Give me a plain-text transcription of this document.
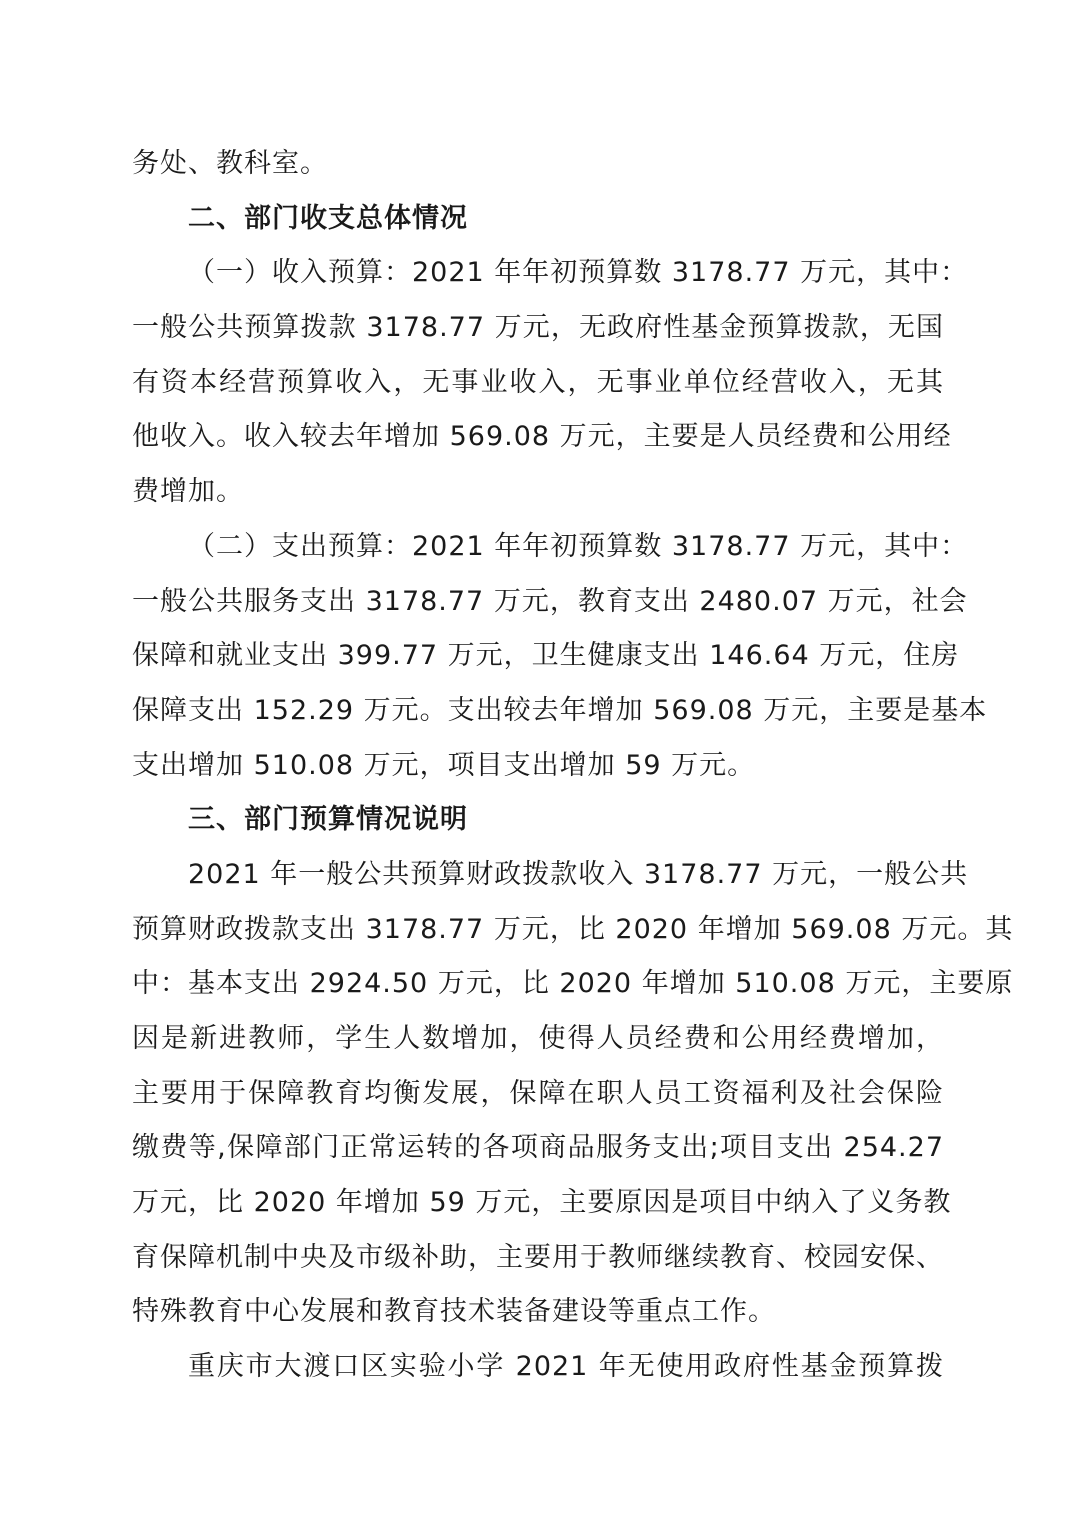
务处、教科室。
二、部门收支总体情况
（一）收入预算：2021 年年初预算数 3178.77 万元，其中：
一般公共预算拨款 3178.77 万元，无政府性基金预算拨款，无国
有资本经营预算收入，无事业收入，无事业单位经营收入，无其
他收入。收入较去年增加 569.08 万元，主要是人员经费和公用经
费增加。
（二）支出预算：2021 年年初预算数 3178.77 万元，其中：
一般公共服务支出 3178.77 万元，教育支出 2480.07 万元，社会
保障和就业支出 399.77 万元，卫生健康支出 146.64 万元，住房
保障支出 152.29 万元。支出较去年增加 569.08 万元，主要是基本
支出增加 510.08 万元，项目支出增加 59 万元。
三、部门预算情况说明
2021 年一般公共预算财政拨款收入 3178.77 万元，一般公共
预算财政拨款支出 3178.77 万元，比 2020 年增加 569.08 万元。其
中：基本支出 2924.50 万元，比 2020 年增加 510.08 万元，主要原
因是新进教师，学生人数增加，使得人员经费和公用经费增加，
主要用于保障教育均衡发展，保障在职人员工资福利及社会保险
缴费等,保障部门正常运转的各项商品服务支出;项目支出 254.27
万元，比 2020 年增加 59 万元，主要原因是项目中纳入了义务教
育保障机制中央及市级补助，主要用于教师继续教育、校园安保、
特殊教育中心发展和教育技术装备建设等重点工作。
重庆市大渡口区实验小学 2021 年无使用政府性基金预算拨
